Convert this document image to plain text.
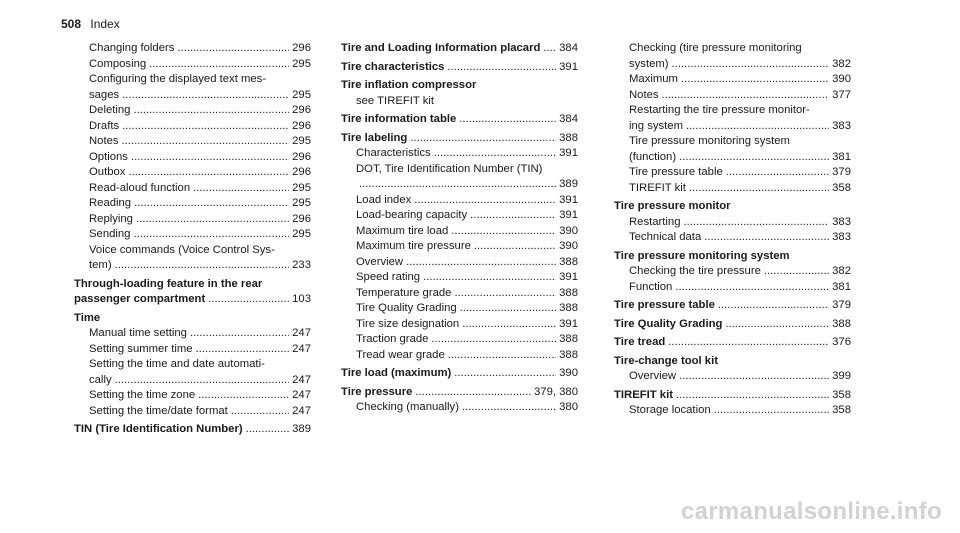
508 Index
Changing folders .....	296
Composing .....	295
Configuring the displayed text mes-
sages .....	295
Deleting .....	296
Drafts .....	296
Notes .....	295
Options .....	296
Outbox .....	296
Read-aloud function .....	295
Reading .....	295
Replying .....	296
Sending .....	295
Voice commands (Voice Control Sys-
tem) .....	233
Through-loading feature in the rear
passenger compartment .....	103
Time
Manual time setting .....	247
Setting summer time .....	247
Setting the time and date automati-
cally .....	247
Setting the time zone .....	247
Setting the time/date format .....	247
TIN (Tire Identification Number) .....	389
Tire and Loading Information placard ..... 384
Tire characteristics .....	391
Tire inflation compressor
see TIREFIT kit
Tire information table .....	384
Tire labeling .....	388
Characteristics .....	391
DOT, Tire Identification Number (TIN)
.....
389
Load index .....	391
Load-bearing capacity .....	391
Maximum tire load .....	390
Maximum tire pressure .....	390
Overview .....	388
Speed rating .....	391
Temperature grade .....	388
Tire Quality Grading .....	388
Tire size designation .....	391
Traction grade .....	388
Tread wear grade .....	388
Tire load (maximum) .....	390
Tire pressure .....	379, 380
Checking (manually) .....	380
Checking (tire pressure monitoring
system) .....	382
Maximum .....	390
Notes .....	377
Restarting the tire pressure monitor-
ing system .....	383
Tire pressure monitoring system
(function) .....	381
Tire pressure table .....	379
TIREFIT kit .....	358
Tire pressure monitor
Restarting .....	383
Technical data .....	383
Tire pressure monitoring system
Checking the tire pressure .....	382
Function .....	381
Tire pressure table .....	379
Tire Quality Grading .....	388
Tire tread .....	376
Tire-change tool kit
Overview .....	399
TIREFIT kit .....	358
Storage location .....	358
carmanualsonline.info
